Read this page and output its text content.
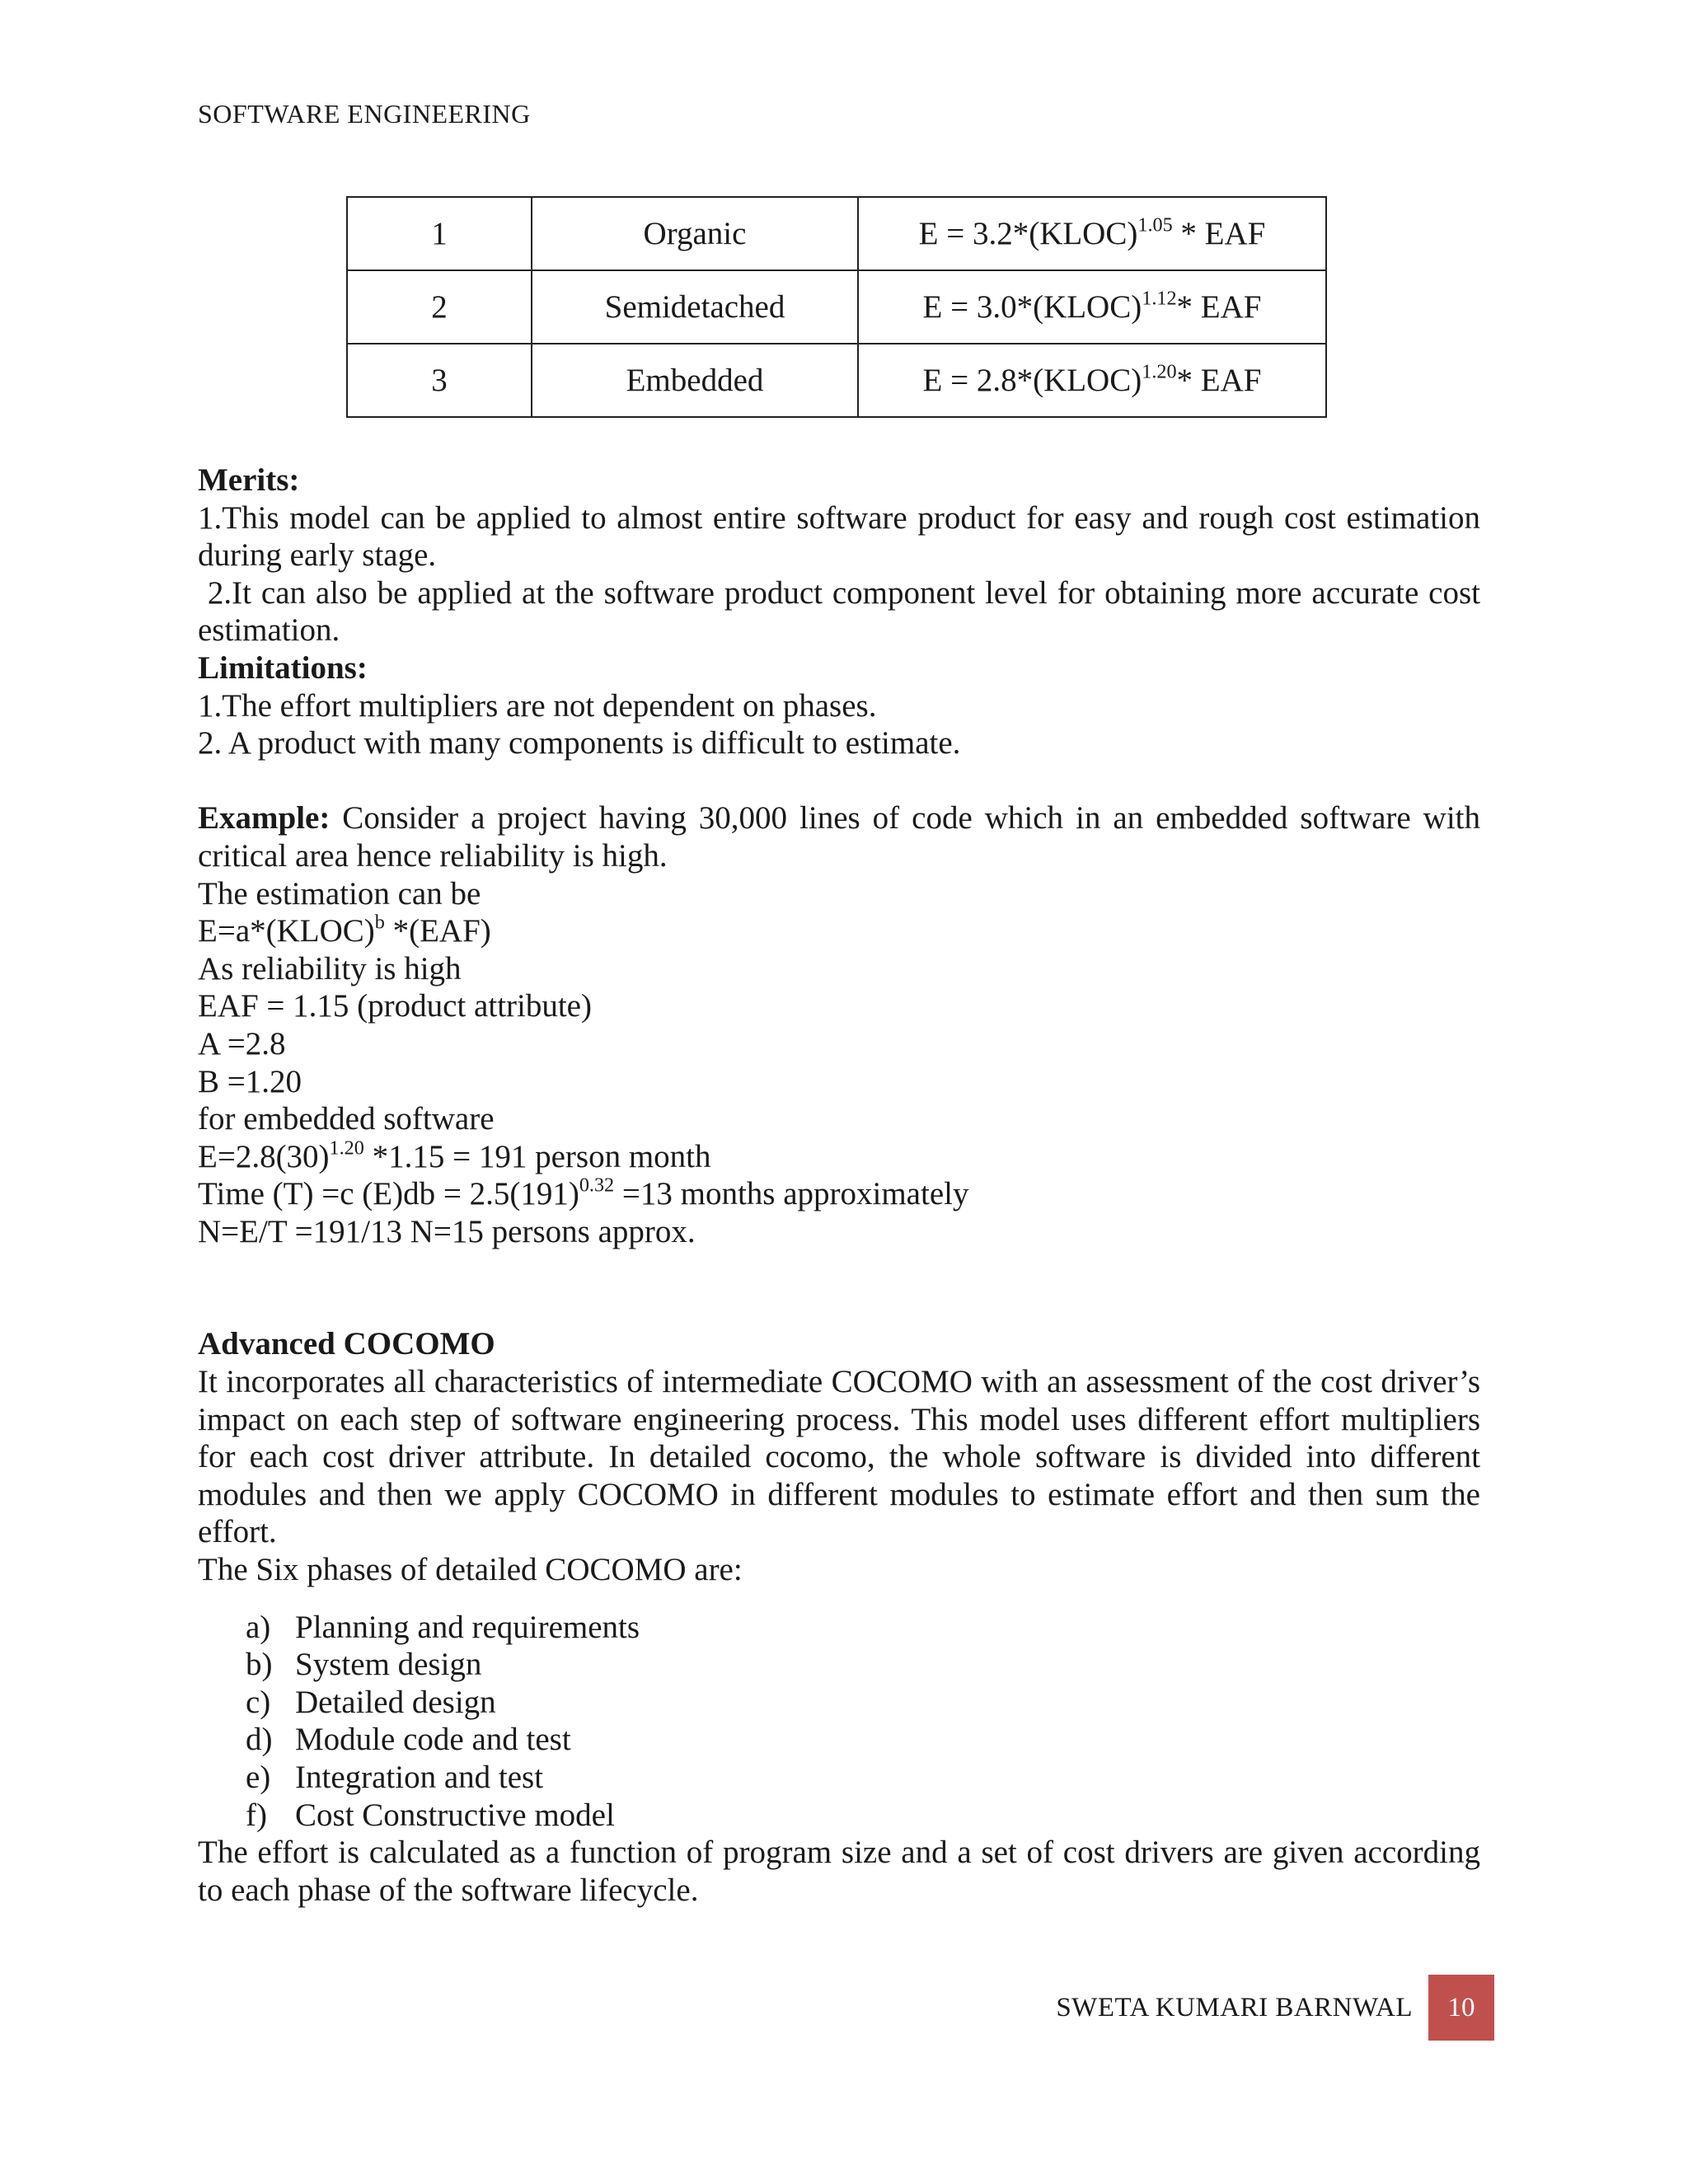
SOFTWARE ENGINEERING
1	Organic	E = 3.2*(KLOC)$^{1.05}$ * EAF
2	Semidetached	E = 3.0*(KLOC)$^{1.12}$* EAF
3	Embedded	E = 2.8*(KLOC)$^{1.20}$* EAF

Merits:

1.This model can be applied to almost entire software product for easy and rough cost estimation during early stage.

2.It can also be applied at the software product component level for obtaining more accurate cost estimation.

Limitations:

1.The effort multipliers are not dependent on phases.

2. A product with many components is difficult to estimate.

Example: Consider a project having 30,000 lines of code which in an embedded software with critical area hence reliability is high.

The estimation can be

E=a*(KLOC)$^b$ *(EAF)

As reliability is high

EAF = 1.15 (product attribute)

A =2.8

B =1.20

for embedded software

$E=2.8(30)^{1.20}$ *1.15 = 191 person month

Time (T) =c $(E)db = 2.5(191)^{0.32} =13$ months approximately

N=E/T =191/13 N=15 persons approx.

Advanced COCOMO

It incorporates all characteristics of intermediate COCOMO with an assessment of the cost driver’s impact on each step of software engineering process. This model uses different effort multipliers for each cost driver attribute. In detailed cocomo, the whole software is divided into different modules and then we apply COCOMO in different modules to estimate effort and then sum the effort.

The Six phases of detailed COCOMO are:

a) Planning and requirements
b) System design
c) Detailed design
d) Module code and test
e) Integration and test
f) Cost Constructive model

The effort is calculated as a function of program size and a set of cost drivers are given according to each phase of the software lifecycle.

SWETA KUMARI BARNWAL	10
